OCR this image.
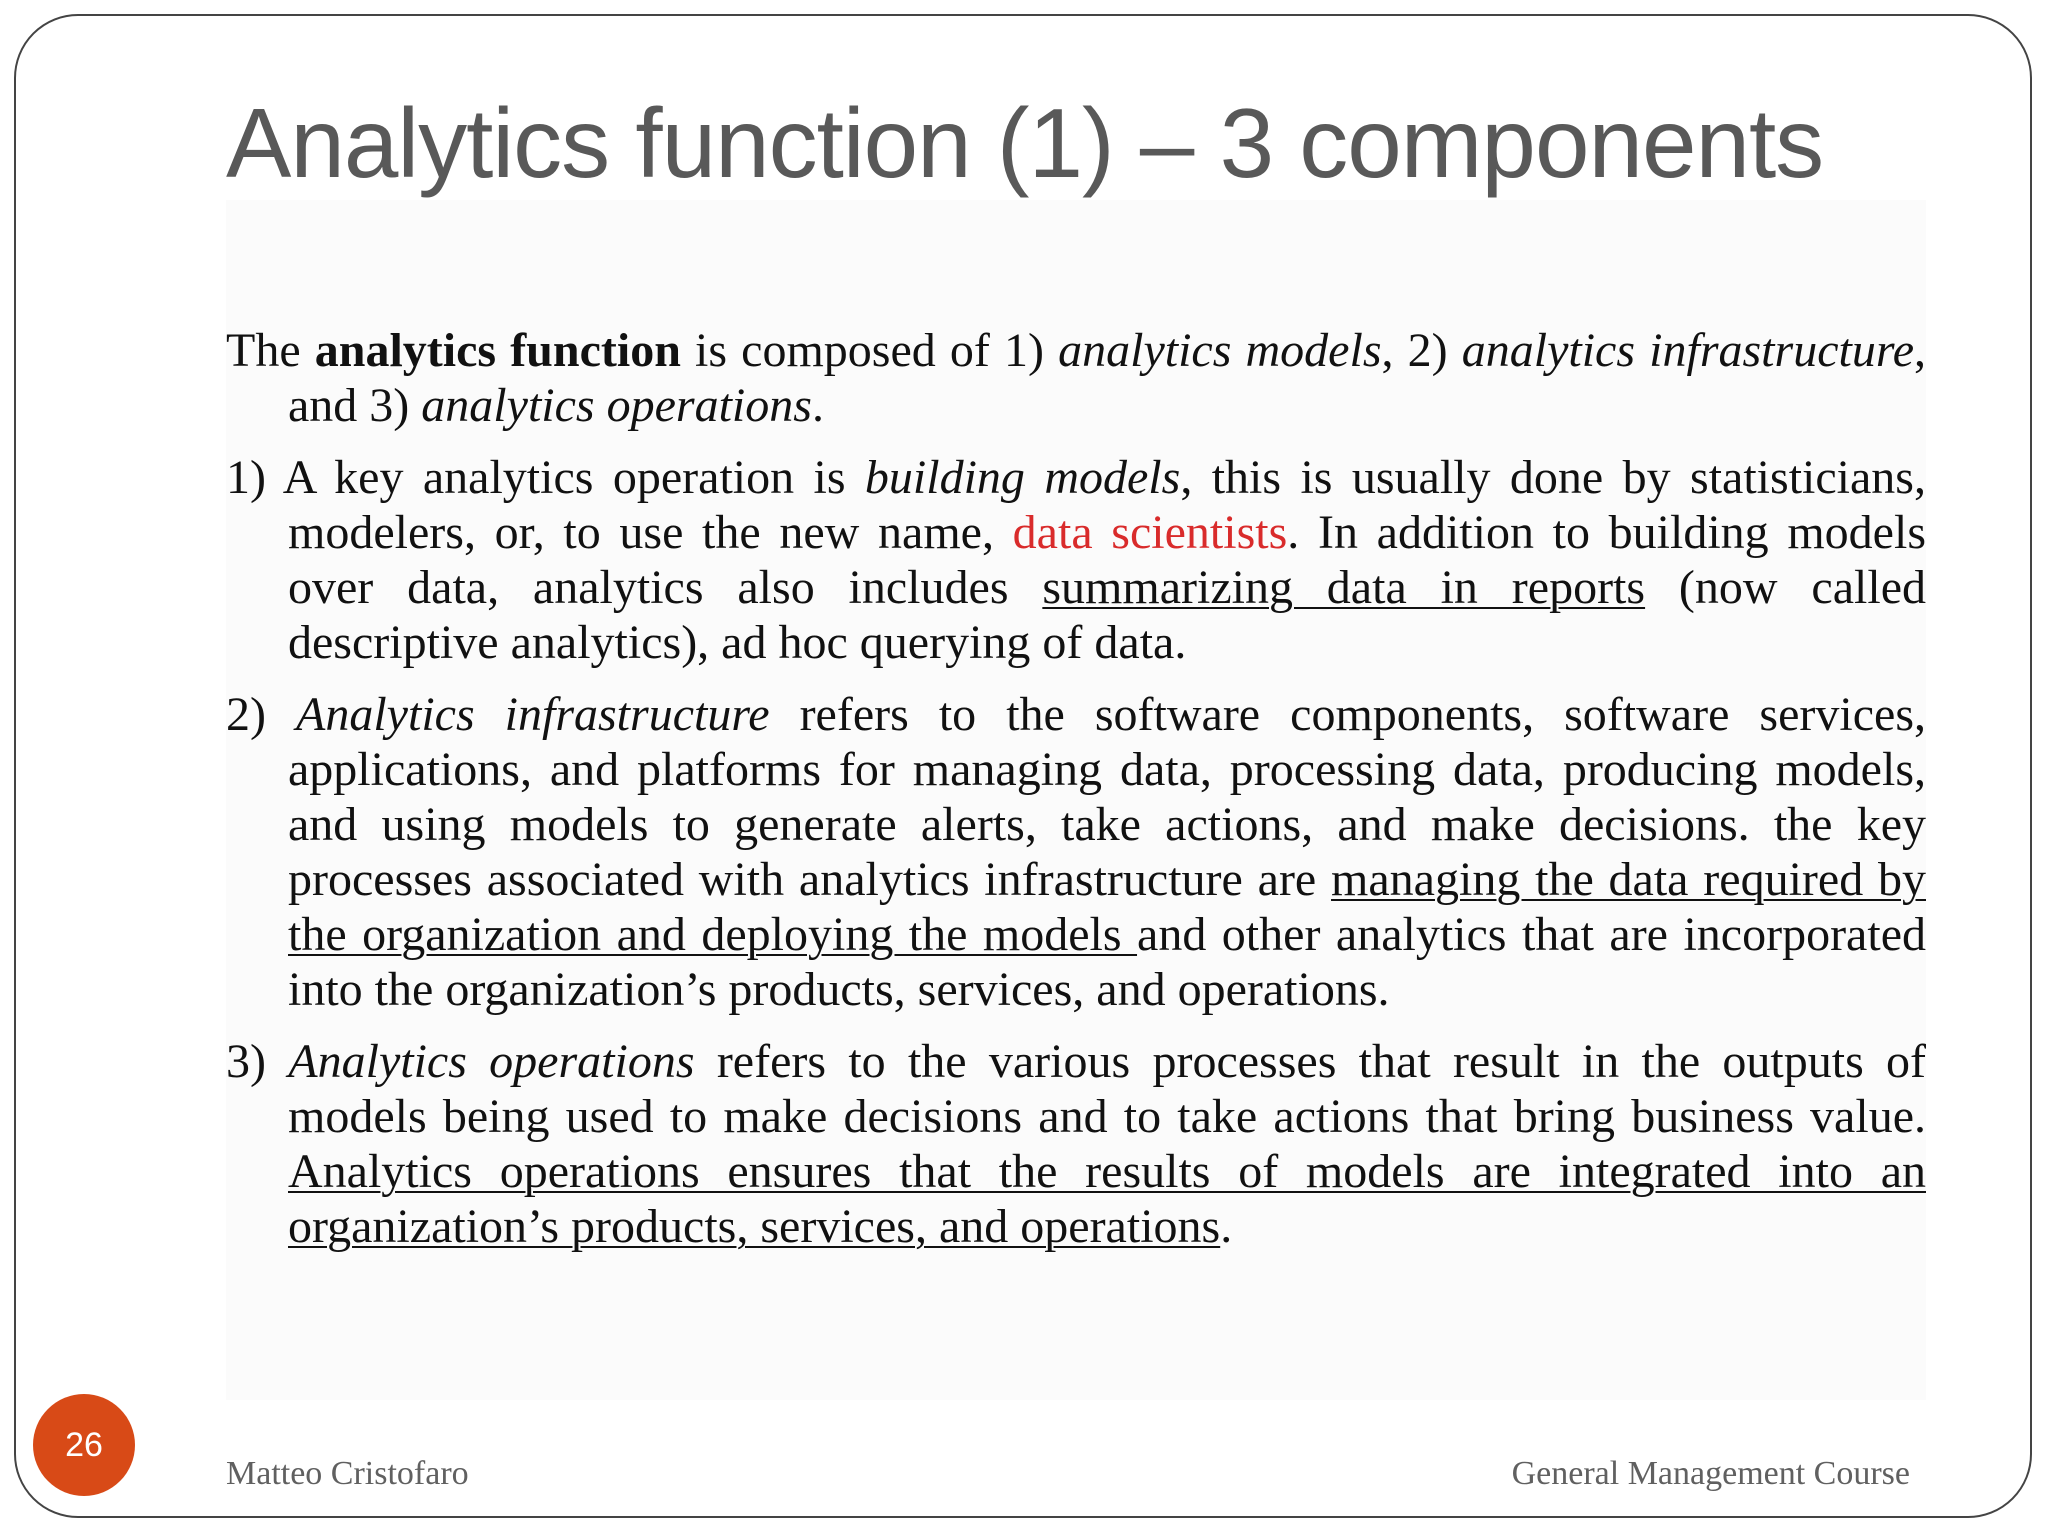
Analytics function (1) – 3 components

The analytics function is composed of 1) analytics models, 2) analytics infrastructure, and 3) analytics operations.

1) A key analytics operation is building models, this is usually done by statisticians, modelers, or, to use the new name, data scientists. In addition to building models over data, analytics also includes summarizing data in reports (now called descriptive analytics), ad hoc querying of data.

2) Analytics infrastructure refers to the software components, software services, applications, and platforms for managing data, processing data, producing models, and using models to generate alerts, take actions, and make decisions. the key processes associated with analytics infrastructure are managing the data required by the organization and deploying the models and other analytics that are incorporated into the organization’s products, services, and operations.

3) Analytics operations refers to the various processes that result in the outputs of models being used to make decisions and to take actions that bring business value. Analytics operations ensures that the results of models are integrated into an organization’s products, services, and operations.

26
Matteo Cristofaro	General Management Course
